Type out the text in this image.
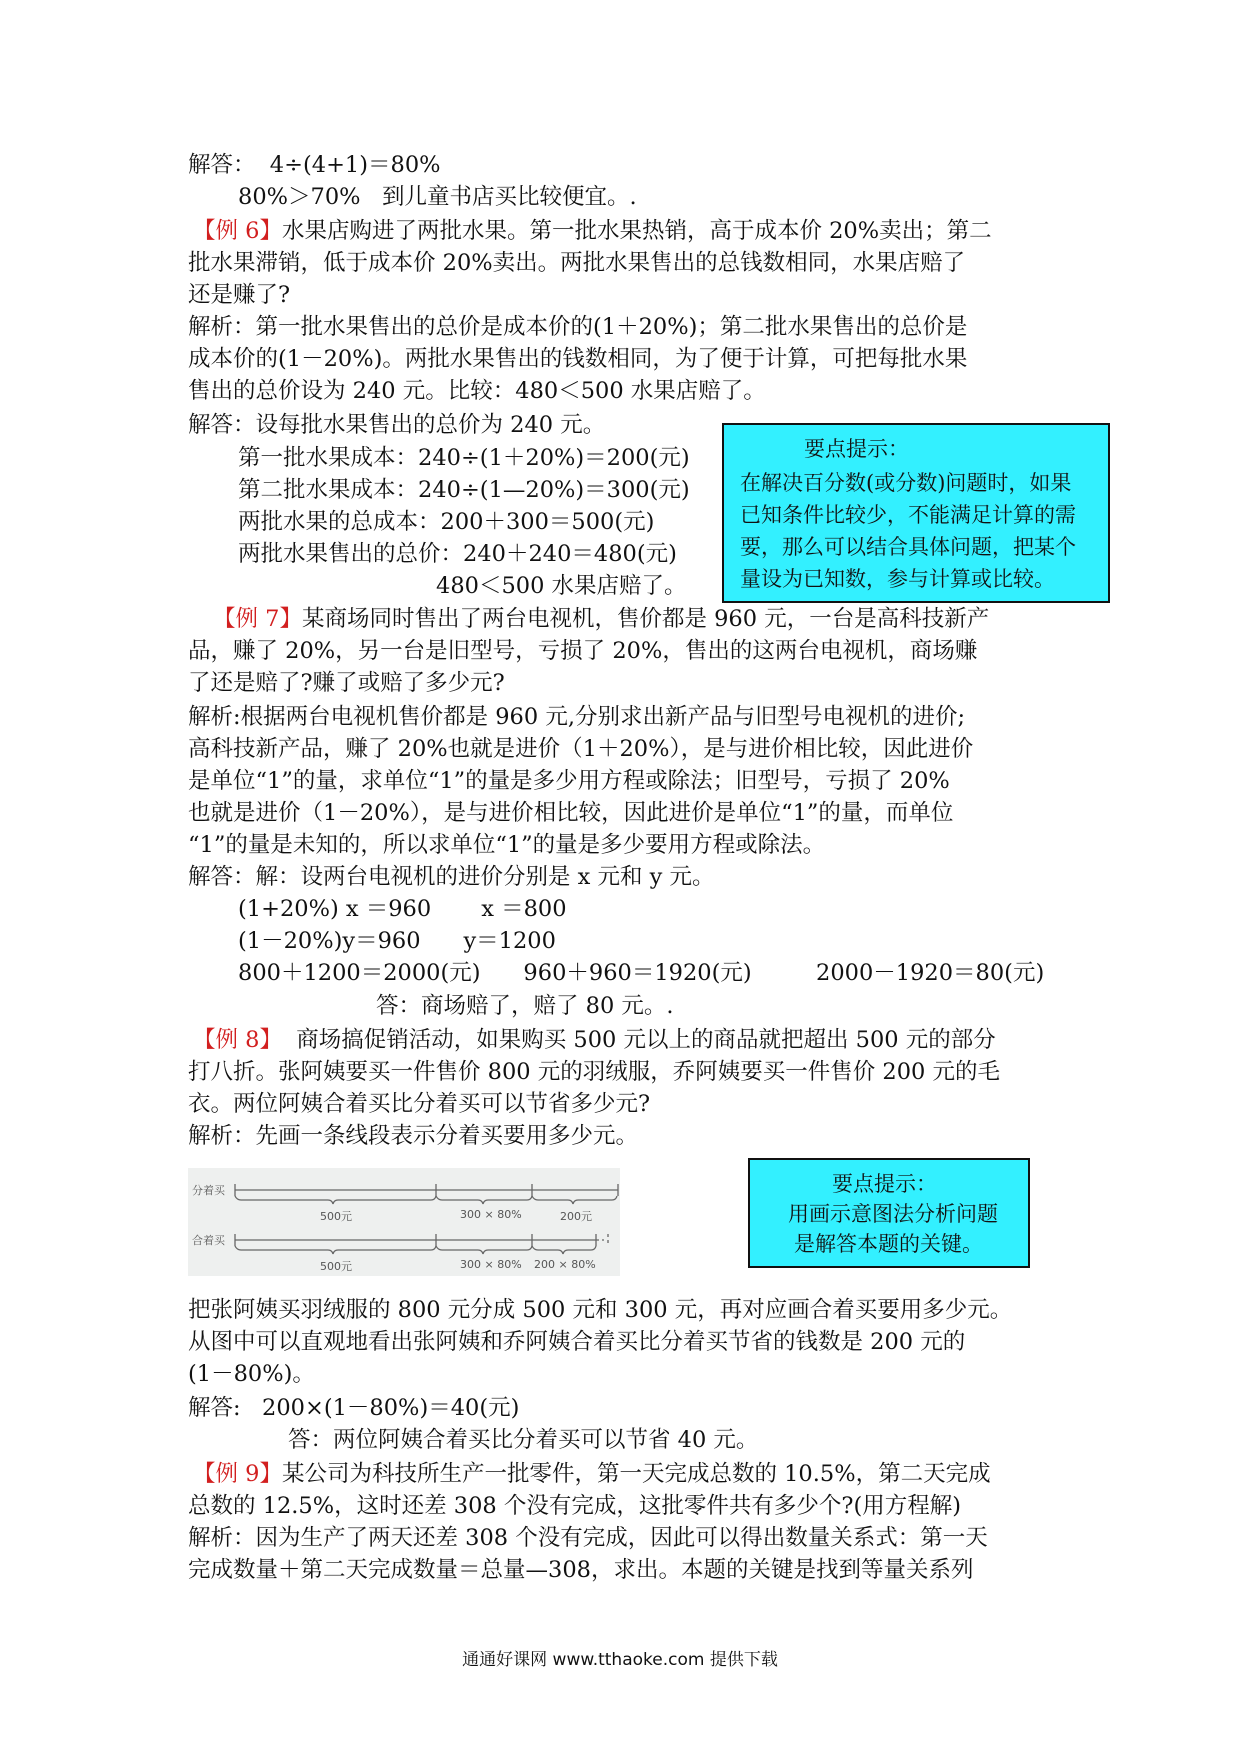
解答：  4÷(4+1)＝80%
80%＞70%   到儿童书店买比较便宜。.
【例 6】水果店购进了两批水果。第一批水果热销，高于成本价 20%卖出；第二
批水果滞销，低于成本价 20%卖出。两批水果售出的总钱数相同，水果店赔了
还是赚了?
解析：第一批水果售出的总价是成本价的(1＋20%)；第二批水果售出的总价是
成本价的(1－20%)。两批水果售出的钱数相同，为了便于计算，可把每批水果
售出的总价设为 240 元。比较：480＜500 水果店赔了。
解答：设每批水果售出的总价为 240 元。
第一批水果成本：240÷(1＋20%)＝200(元)
第二批水果成本：240÷(1—20%)＝300(元)
两批水果的总成本：200＋300＝500(元)
两批水果售出的总价：240＋240＝480(元)
480＜500 水果店赔了。
要点提示：
在解决百分数(或分数)问题时，如果
已知条件比较少，不能满足计算的需
要，那么可以结合具体问题，把某个
量设为已知数，参与计算或比较。
【例 7】某商场同时售出了两台电视机，售价都是 960 元，一台是高科技新产
品，赚了 20%，另一台是旧型号，亏损了 20%，售出的这两台电视机，商场赚
了还是赔了?赚了或赔了多少元?
解析:根据两台电视机售价都是 960 元,分别求出新产品与旧型号电视机的进价;
高科技新产品，赚了 20%也就是进价（1＋20%），是与进价相比较，因此进价
是单位“1”的量，求单位“1”的量是多少用方程或除法；旧型号，亏损了 20%
也就是进价（1－20%），是与进价相比较，因此进价是单位“1”的量，而单位
“1”的量是未知的，所以求单位“1”的量是多少要用方程或除法。
解答：解：设两台电视机的进价分别是 x 元和 y 元。
(1+20%) x ＝960       x ＝800
(1－20%)y＝960      y＝1200
800＋1200＝2000(元)      960＋960＝1920(元)         2000－1920＝80(元)
答：商场赔了，赔了 80 元。.
【例 8】  商场搞促销活动，如果购买 500 元以上的商品就把超出 500 元的部分
打八折。张阿姨要买一件售价 800 元的羽绒服，乔阿姨要买一件售价 200 元的毛
衣。两位阿姨合着买比分着买可以节省多少元?
解析：先画一条线段表示分着买要用多少元。
分着买
500元	300 × 80%	200元
合着买
500元	300 × 80% 200 × 80%
要点提示：
用画示意图法分析问题
是解答本题的关键。
把张阿姨买羽绒服的 800 元分成 500 元和 300 元，再对应画合着买要用多少元。
从图中可以直观地看出张阿姨和乔阿姨合着买比分着买节省的钱数是 200 元的
(1－80%)。
解答:   200×(1－80%)＝40(元)
答：两位阿姨合着买比分着买可以节省 40 元。
【例 9】某公司为科技所生产一批零件，第一天完成总数的 10.5%，第二天完成
总数的 12.5%，这时还差 308 个没有完成，这批零件共有多少个?(用方程解)
解析：因为生产了两天还差 308 个没有完成，因此可以得出数量关系式：第一天
完成数量＋第二天完成数量＝总量—308，求出。本题的关键是找到等量关系列
通通好课网 www.tthaoke.com 提供下载
